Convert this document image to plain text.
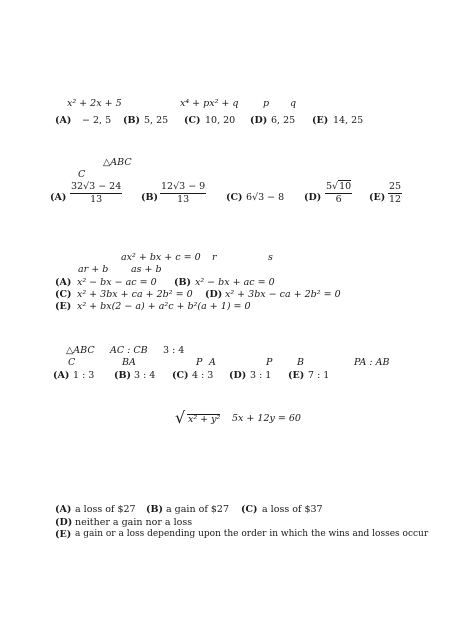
x² + 2x + 5	x⁴ + px² + q	p q
(A) − 2, 5 (B) 5, 25 (C) 10, 20 (D) 6, 25 (E) 14, 25
△ABC
C
$(A) \frac{32√3 - 24}{13} (B) \frac{12√3 - 9}{13} (C) 6√3 - 8$ $(D) \frac{5√10}{6} (E) \frac{25}{12}$
ax² + bx + c = 0 r	s
ar + b as + b
(A) x² − bx − ac = 0 (B) x² − bx + ac = 0
(C) x² + 3bx + ca + 2b² = 0 (D) x² + 3bx − ca + 2b² = 0
(E) x² + bx(2 − a) + a²c + b²(a + 1) = 0
△ABC AC : CB 3 : 4
C	BA	P A	P	B	PA : AB
(A) 1 : 3 (B) 3 : 4 (C) 4 : 3 (D) 3 : 1 (E) 7 : 1
√ x² + y² 5x + 12y = 60
(A) a loss of $27 (B) a gain of $27 (C) a loss of $37
(D) neither a gain nor a loss
(E) a gain or a loss depending upon the order in which the wins and losses occur
